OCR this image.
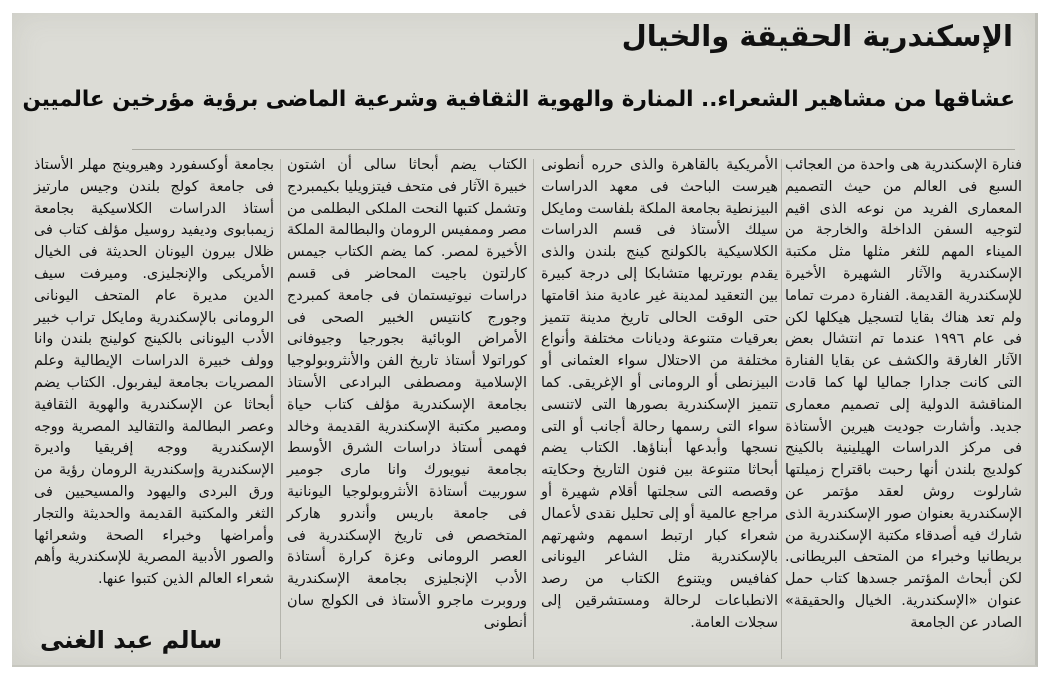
الإسكندرية الحقيقة والخيال
عشاقها من مشاهير الشعراء.. المنارة والهوية الثقافية وشرعية الماضى برؤية مؤرخين عالميين

فنارة الإسكندرية هى واحدة من العجائب السبع فى العالم من حيث التصميم المعمارى الفريد من نوعه الذى اقيم لتوجيه السفن الداخلة والخارجة من الميناء المهم للثغر مثلها مثل مكتبة الإسكندرية والآثار الشهيرة الأخيرة للإسكندرية القديمة. الفنارة دمرت تماما ولم تعد هناك بقايا لتسجيل هيكلها لكن فى عام ١٩٩٦ عندما تم انتشال بعض الآثار الغارقة والكشف عن بقايا الفنارة التى كانت جدارا جماليا لها كما قادت المناقشة الدولية إلى تصميم معمارى جديد. وأشارت جوديت هيرين الأستاذة فى مركز الدراسات الهيلينية بالكينج كولديج بلندن أنها رحبت باقتراح زميلتها شارلوت روش لعقد مؤتمر عن الإسكندرية بعنوان صور الإسكندرية الذى شارك فيه أصدقاء مكتبة الإسكندرية من بريطانيا وخبراء من المتحف البريطانى. لكن أبحاث المؤتمر جسدها كتاب حمل عنوان «الإسكندرية. الخيال والحقيقة» الصادر عن الجامعة

الأمريكية بالقاهرة والذى حرره أنطونى هيرست الباحث فى معهد الدراسات البيزنطية بجامعة الملكة بلفاست ومايكل سيلك الأستاذ فى قسم الدراسات الكلاسيكية بالكولنج كينج بلندن والذى يقدم بورتريها متشابكا إلى درجة كبيرة بين التعقيد لمدينة غير عادية منذ اقامتها حتى الوقت الحالى تاريخ مدينة تتميز بعرقيات متنوعة وديانات مختلفة وأنواع مختلفة من الاحتلال سواء العثمانى أو البيزنطى أو الرومانى أو الإغريقى. كما تتميز الإسكندرية بصورها التى لاتنسى سواء التى رسمها رحالة أجانب أو التى نسجها وأبدعها أبناؤها. الكتاب يضم أبحاثا متنوعة بين فنون التاريخ وحكايته وقصصه التى سجلتها أقلام شهيرة أو مراجع عالمية أو إلى تحليل نقدى لأعمال شعراء كبار ارتبط اسمهم وشهرتهم بالإسكندرية مثل الشاعر اليونانى كفافيس ويتنوع الكتاب من رصد الانطباعات لرحالة ومستشرقين إلى سجلات العامة.

الكتاب يضم أبحاثا سالى أن اشتون خبيرة الآثار فى متحف فيتزويليا بكيمبردج وتشمل كتبها النحت الملكى البطلمى من مصر وممفيس الرومان والبطالمة الملكة الأخيرة لمصر. كما يضم الكتاب جيمس كارلتون باجيت المحاضر فى قسم دراسات نيوتيستمان فى جامعة كمبردج وجورج كانتيس الخبير الصحى فى الأمراض الوبائية بجورجيا وجيوفانى كوراتولا أستاذ تاريخ الفن والأنثروبولوجيا الإسلامية ومصطفى البرادعى الأستاذ بجامعة الإسكندرية مؤلف كتاب حياة ومصير مكتبة الإسكندرية القديمة وخالد فهمى أستاذ دراسات الشرق الأوسط بجامعة نيويورك وانا مارى جومير سوربيت أستاذة الأنثروبولوجيا اليونانية فى جامعة باريس وأندرو هاركر المتخصص فى تاريخ الإسكندرية فى العصر الرومانى وعزة كرارة أستاذة الأدب الإنجليزى بجامعة الإسكندرية وروبرت ماجرو الأستاذ فى الكولج سان أنطونى

بجامعة أوكسفورد وهيروينج مهلر الأستاذ فى جامعة كولج بلندن وجيس مارتيز أستاذ الدراسات الكلاسيكية بجامعة زيمبابوى وديفيد روسيل مؤلف كتاب فى ظلال بيرون اليونان الحديثة فى الخيال الأمريكى والإنجليزى. وميرفت سيف الدين مديرة عام المتحف اليونانى الرومانى بالإسكندرية ومايكل تراب خبير الأدب اليونانى بالكينج كولينج بلندن وانا وولف خبيرة الدراسات الإيطالية وعلم المصريات بجامعة ليفربول. الكتاب يضم أبحاثا عن الإسكندرية والهوية الثقافية وعصر البطالمة والتقاليد المصرية ووجه الإسكندرية ووجه إفريقيا واديرة الإسكندرية وإسكندرية الرومان رؤية من ورق البردى واليهود والمسيحيين فى الثغر والمكتبة القديمة والحديثة والتجار وأمراضها وخبراء الصحة وشعرائها والصور الأدبية المصرية للإسكندرية وأهم شعراء العالم الذين كتبوا عنها.

سالم عبد الغنى
